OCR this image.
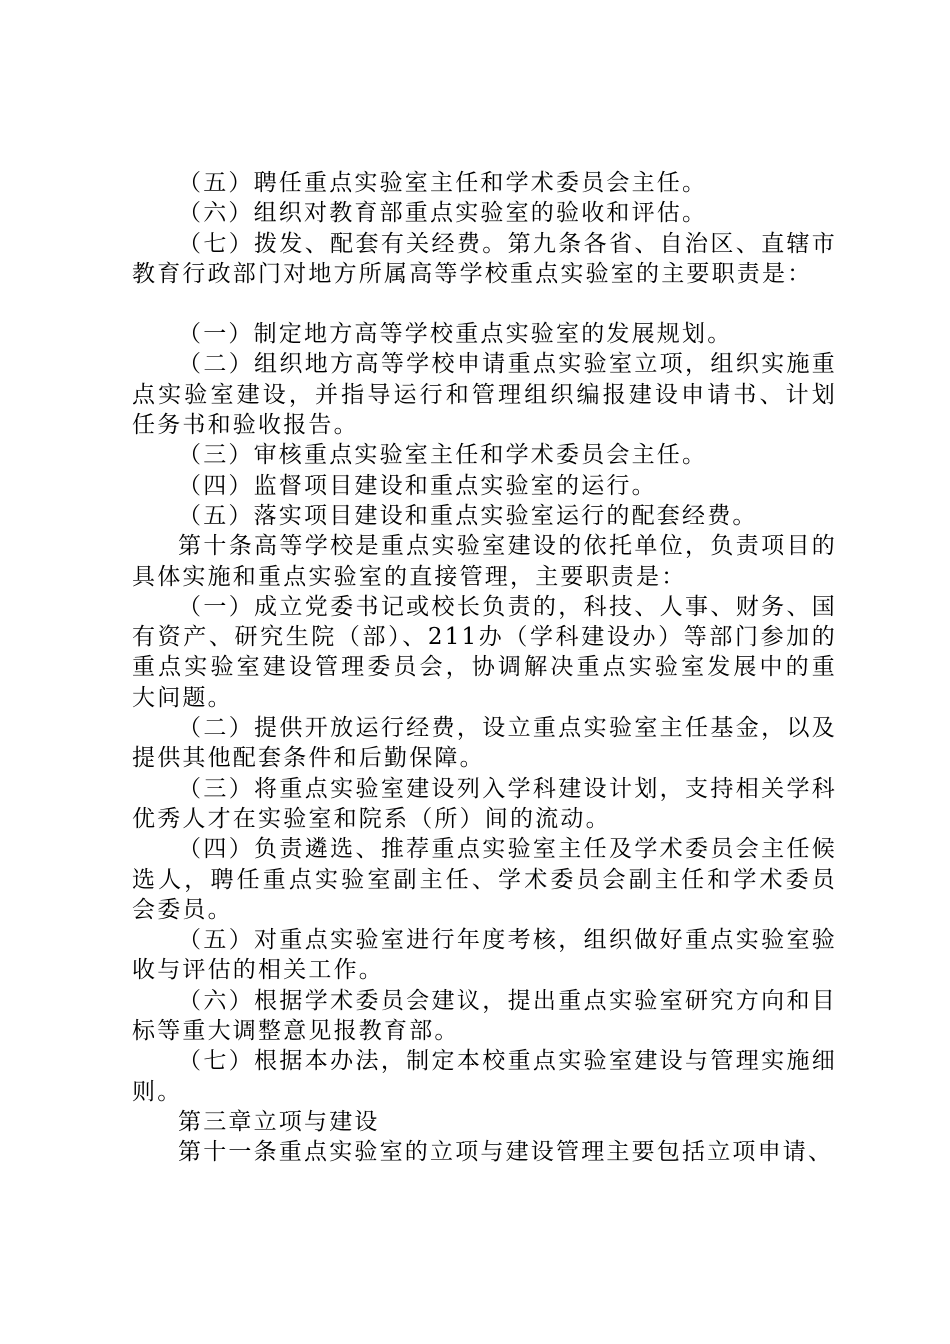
（五）聘任重点实验室主任和学术委员会主任。

（六）组织对教育部重点实验室的验收和评估。

（七）拨发、配套有关经费。第九条各省、自治区、直辖市教育行政部门对地方所属高等学校重点实验室的主要职责是：

（一）制定地方高等学校重点实验室的发展规划。

（二）组织地方高等学校申请重点实验室立项，组织实施重点实验室建设，并指导运行和管理组织编报建设申请书、计划任务书和验收报告。

（三）审核重点实验室主任和学术委员会主任。

（四）监督项目建设和重点实验室的运行。

（五）落实项目建设和重点实验室运行的配套经费。

第十条高等学校是重点实验室建设的依托单位，负责项目的具体实施和重点实验室的直接管理，主要职责是：

（一）成立党委书记或校长负责的，科技、人事、财务、国有资产、研究生院（部）、211办（学科建设办）等部门参加的重点实验室建设管理委员会，协调解决重点实验室发展中的重大问题。

（二）提供开放运行经费，设立重点实验室主任基金，以及提供其他配套条件和后勤保障。

（三）将重点实验室建设列入学科建设计划，支持相关学科优秀人才在实验室和院系（所）间的流动。

（四）负责遴选、推荐重点实验室主任及学术委员会主任候选人，聘任重点实验室副主任、学术委员会副主任和学术委员会委员。

（五）对重点实验室进行年度考核，组织做好重点实验室验收与评估的相关工作。

（六）根据学术委员会建议，提出重点实验室研究方向和目标等重大调整意见报教育部。

（七）根据本办法，制定本校重点实验室建设与管理实施细则。

第三章立项与建设

第十一条重点实验室的立项与建设管理主要包括立项申请、
